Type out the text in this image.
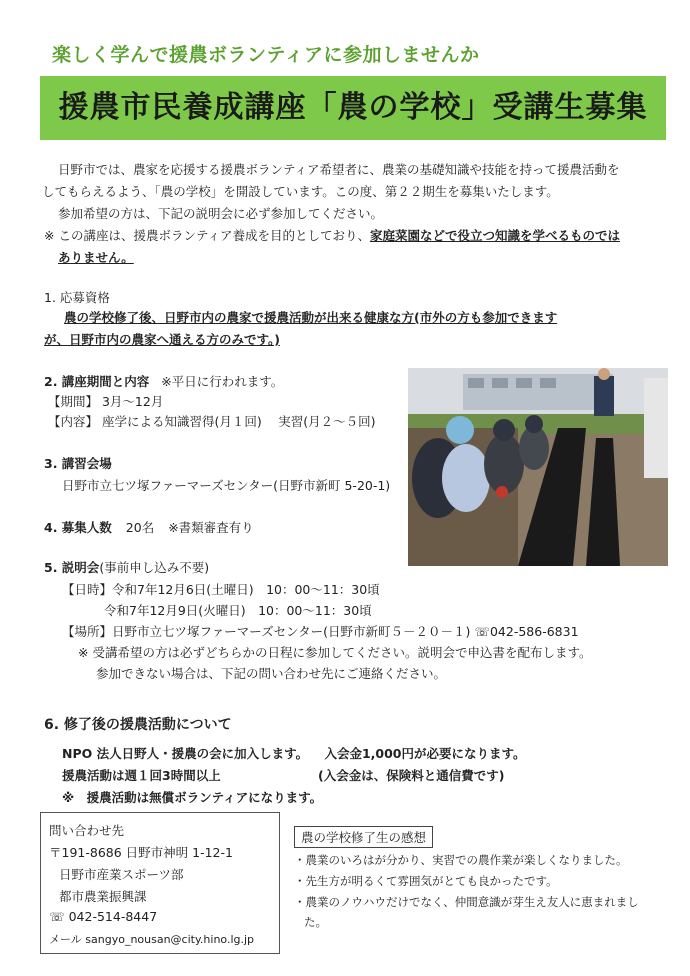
楽しく学んで援農ボランティアに参加しませんか
援農市民養成講座「農の学校」受講生募集
日野市では、農家を応援する援農ボランティア希望者に、農業の基礎知識や技能を持って援農活動を
してもらえるよう、「農の学校」を開設しています。この度、第２２期生を募集いたします。
参加希望の方は、下記の説明会に必ず参加してください。
※ この講座は、援農ボランティア養成を目的としており、家庭菜園などで役立つ知識を学べるものでは
ありません。
1. 応募資格
農の学校修了後、日野市内の農家で援農活動が出来る健康な方(市外の方も参加できます
が、日野市内の農家へ通える方のみです。)
2. 講座期間と内容 ※平日に行われます。
【期間】 3月～12月
【内容】 座学による知識習得(月１回)　 実習(月２～５回)
3. 講習会場
日野市立七ツ塚ファーマーズセンター(日野市新町 5-20-1)
4. 募集人数 20名 ※書類審査有り
5. 説明会(事前申し込み不要)
【日時】令和7年12月6日(土曜日)　10：00～11：30頃
令和7年12月9日(火曜日)　10：00～11：30頃
【場所】日野市立七ツ塚ファーマーズセンター(日野市新町５－２０－１) ☏042-586-6831
※ 受講希望の方は必ずどちらかの日程に参加してください。説明会で申込書を配布します。
参加できない場合は、下記の問い合わせ先にご連絡ください。
6. 修了後の援農活動について
NPO 法人日野人・援農の会に加入します。 入会金1,000円が必要になります。
援農活動は週１回3時間以上	(入会金は、保険料と通信費です)
※　援農活動は無償ボランティアになります。
問い合わせ先
〒191-8686 日野市神明 1-12-1
日野市産業スポーツ部
都市農業振興課
☏ 042-514-8447
メール sangyo_nousan@city.hino.lg.jp
農の学校修了生の感想
・農業のいろはが分かり、実習での農作業が楽しくなりました。
・先生方が明るくて雰囲気がとても良かったです。
・農業のノウハウだけでなく、仲間意識が芽生え友人に恵まれまし
た。
